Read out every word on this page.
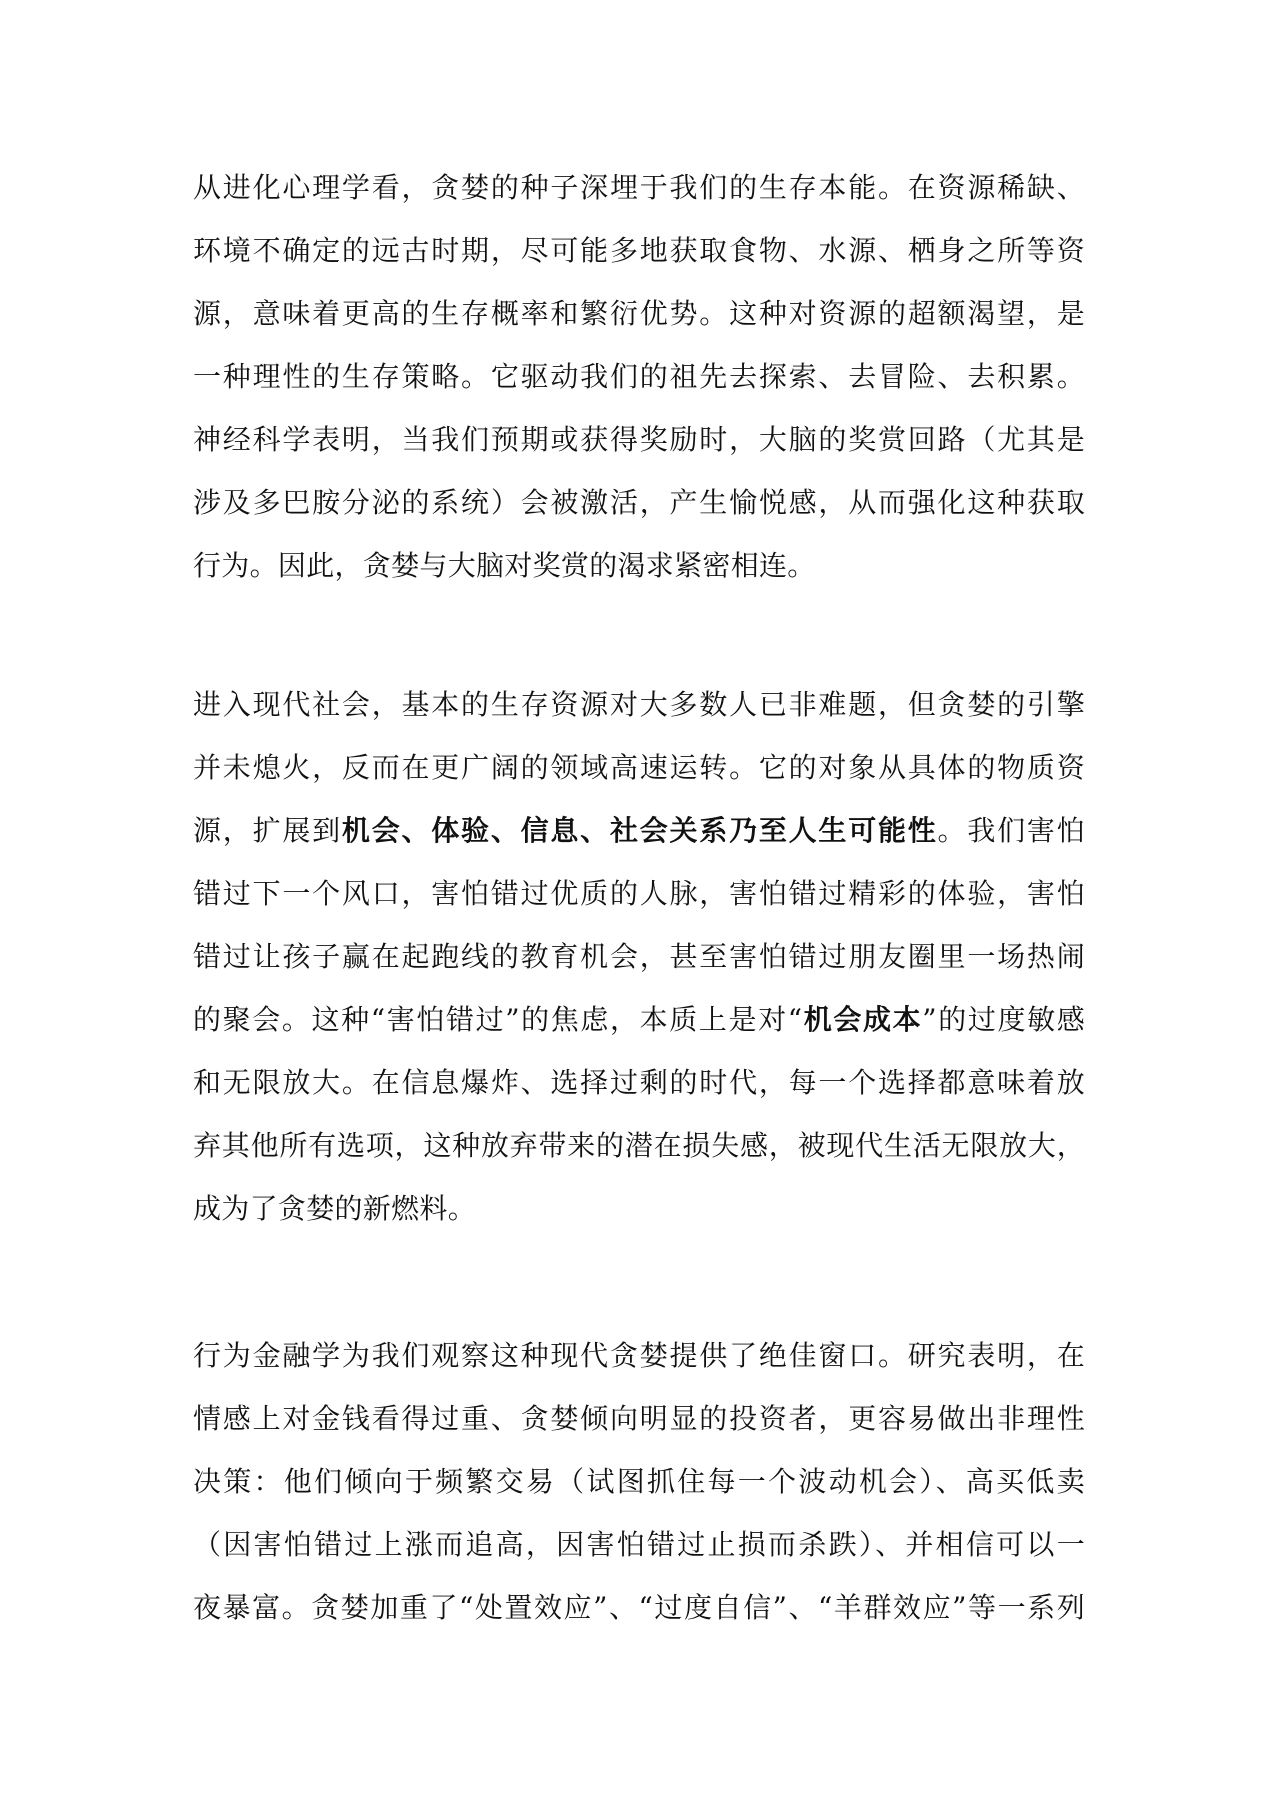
从进化心理学看，贪婪的种子深埋于我们的生存本能。在资源稀缺、
环境不确定的远古时期，尽可能多地获取食物、水源、栖身之所等资
源，意味着更高的生存概率和繁衍优势。这种对资源的超额渴望，是
一种理性的生存策略。它驱动我们的祖先去探索、去冒险、去积累。
神经科学表明，当我们预期或获得奖励时，大脑的奖赏回路（尤其是
涉及多巴胺分泌的系统）会被激活，产生愉悦感，从而强化这种获取
行为。因此，贪婪与大脑对奖赏的渴求紧密相连。
进入现代社会，基本的生存资源对大多数人已非难题，但贪婪的引擎
并未熄火，反而在更广阔的领域高速运转。它的对象从具体的物质资
源，扩展到机会、体验、信息、社会关系乃至人生可能性。我们害怕
错过下一个风口，害怕错过优质的人脉，害怕错过精彩的体验，害怕
错过让孩子赢在起跑线的教育机会，甚至害怕错过朋友圈里一场热闹
的聚会。这种“害怕错过”的焦虑，本质上是对“机会成本”的过度敏感
和无限放大。在信息爆炸、选择过剩的时代，每一个选择都意味着放
弃其他所有选项，这种放弃带来的潜在损失感，被现代生活无限放大，
成为了贪婪的新燃料。
行为金融学为我们观察这种现代贪婪提供了绝佳窗口。研究表明，在
情感上对金钱看得过重、贪婪倾向明显的投资者，更容易做出非理性
决策：他们倾向于频繁交易（试图抓住每一个波动机会）、高买低卖
（因害怕错过上涨而追高，因害怕错过止损而杀跌）、并相信可以一
夜暴富。贪婪加重了“处置效应”、“过度自信”、“羊群效应”等一系列
